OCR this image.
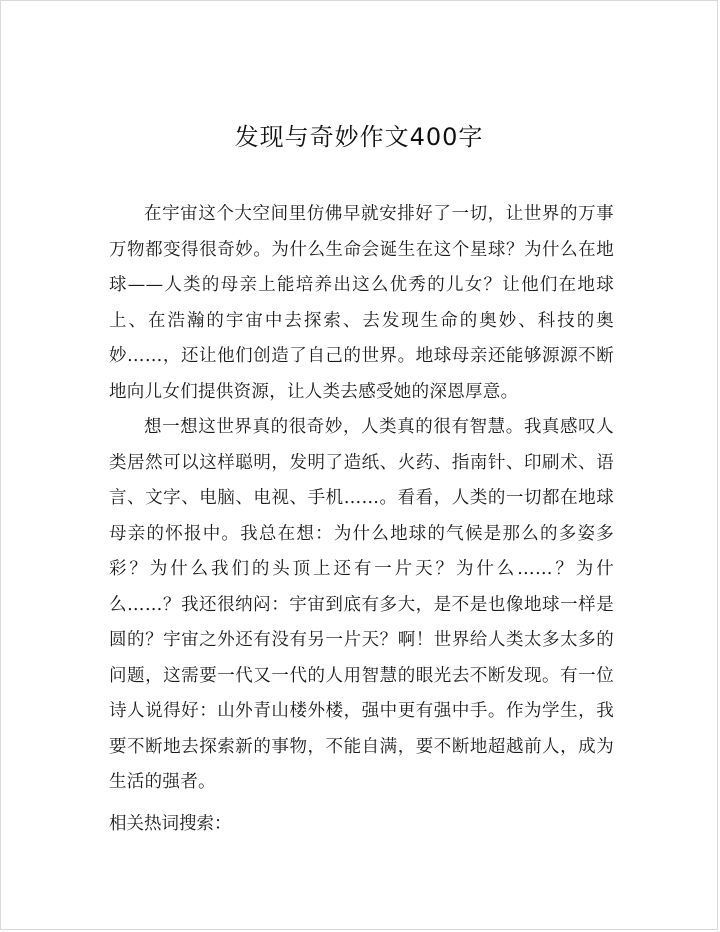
发现与奇妙作文400字

在宇宙这个大空间里仿佛早就安排好了一切，让世界的万事万物都变得很奇妙。为什么生命会诞生在这个星球？为什么在地球——人类的母亲上能培养出这么优秀的儿女？让他们在地球上、在浩瀚的宇宙中去探索、去发现生命的奥妙、科技的奥妙……，还让他们创造了自己的世界。地球母亲还能够源源不断地向儿女们提供资源，让人类去感受她的深恩厚意。

想一想这世界真的很奇妙，人类真的很有智慧。我真感叹人类居然可以这样聪明，发明了造纸、火药、指南针、印刷术、语言、文字、电脑、电视、手机……。看看，人类的一切都在地球母亲的怀报中。我总在想：为什么地球的气候是那么的多姿多彩？为什么我们的头顶上还有一片天？为什么……？为什么……？我还很纳闷：宇宙到底有多大，是不是也像地球一样是圆的？宇宙之外还有没有另一片天？啊！世界给人类太多太多的问题，这需要一代又一代的人用智慧的眼光去不断发现。有一位诗人说得好：山外青山楼外楼，强中更有强中手。作为学生，我要不断地去探索新的事物，不能自满，要不断地超越前人，成为生活的强者。

相关热词搜索：
